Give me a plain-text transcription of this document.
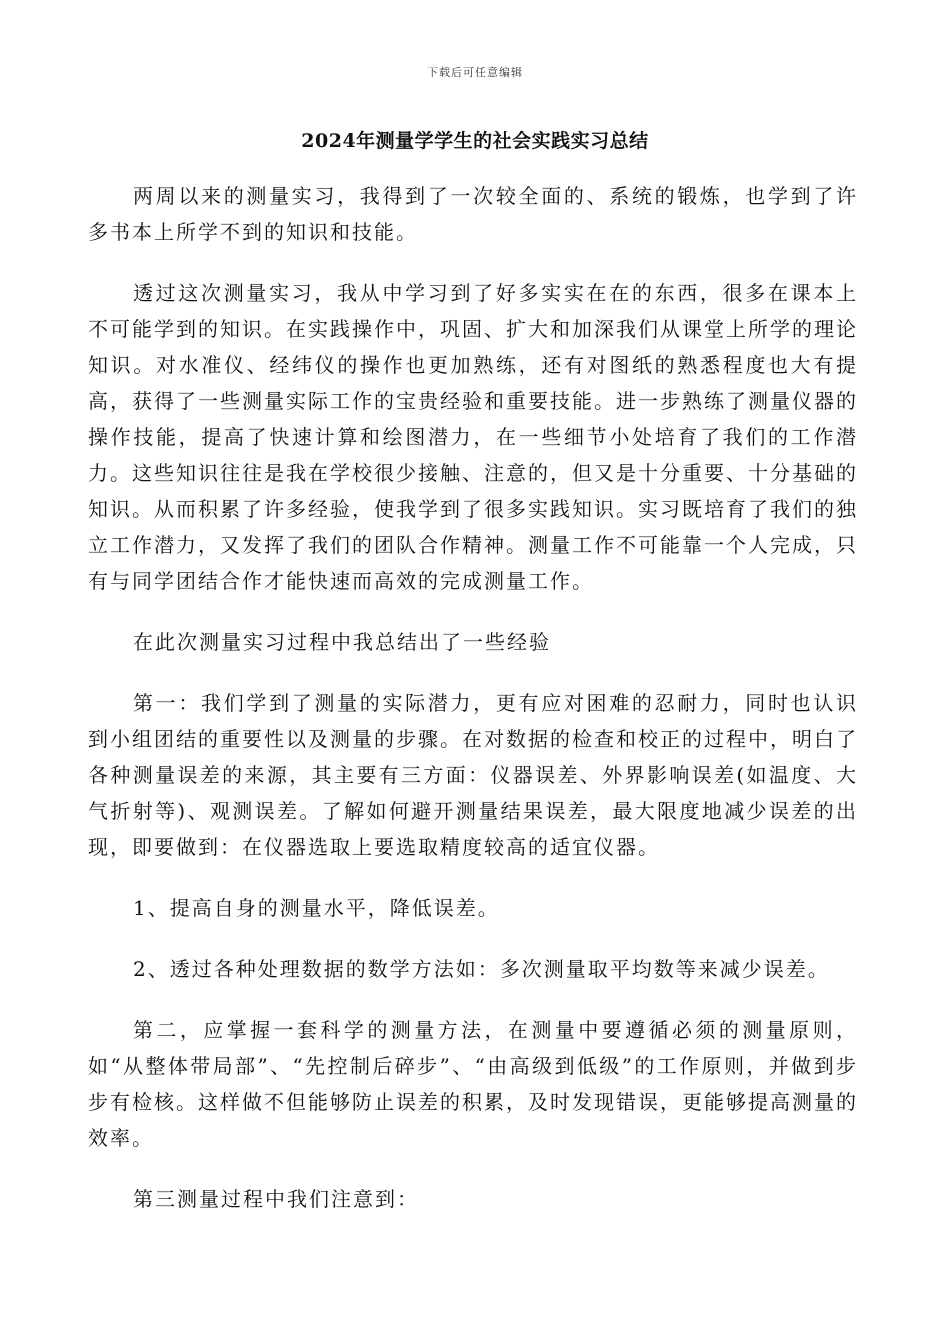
下载后可任意编辑
2024年测量学学生的社会实践实习总结

两周以来的测量实习，我得到了一次较全面的、系统的锻炼，也学到了许多书本上所学不到的知识和技能。

透过这次测量实习，我从中学习到了好多实实在在的东西，很多在课本上不可能学到的知识。在实践操作中，巩固、扩大和加深我们从课堂上所学的理论知识。对水准仪、经纬仪的操作也更加熟练，还有对图纸的熟悉程度也大有提高，获得了一些测量实际工作的宝贵经验和重要技能。进一步熟练了测量仪器的操作技能，提高了快速计算和绘图潜力，在一些细节小处培育了我们的工作潜力。这些知识往往是我在学校很少接触、注意的，但又是十分重要、十分基础的知识。从而积累了许多经验，使我学到了很多实践知识。实习既培育了我们的独立工作潜力，又发挥了我们的团队合作精神。测量工作不可能靠一个人完成，只有与同学团结合作才能快速而高效的完成测量工作。

在此次测量实习过程中我总结出了一些经验

第一：我们学到了测量的实际潜力，更有应对困难的忍耐力，同时也认识到小组团结的重要性以及测量的步骤。在对数据的检查和校正的过程中，明白了各种测量误差的来源，其主要有三方面：仪器误差、外界影响误差(如温度、大气折射等)、观测误差。了解如何避开测量结果误差，最大限度地减少误差的出现，即要做到：在仪器选取上要选取精度较高的适宜仪器。

1、提高自身的测量水平，降低误差。

2、透过各种处理数据的数学方法如：多次测量取平均数等来减少误差。

第二，应掌握一套科学的测量方法，在测量中要遵循必须的测量原则，如“从整体带局部”、“先控制后碎步”、“由高级到低级”的工作原则，并做到步步有检核。这样做不但能够防止误差的积累，及时发现错误，更能够提高测量的效率。

第三测量过程中我们注意到：
